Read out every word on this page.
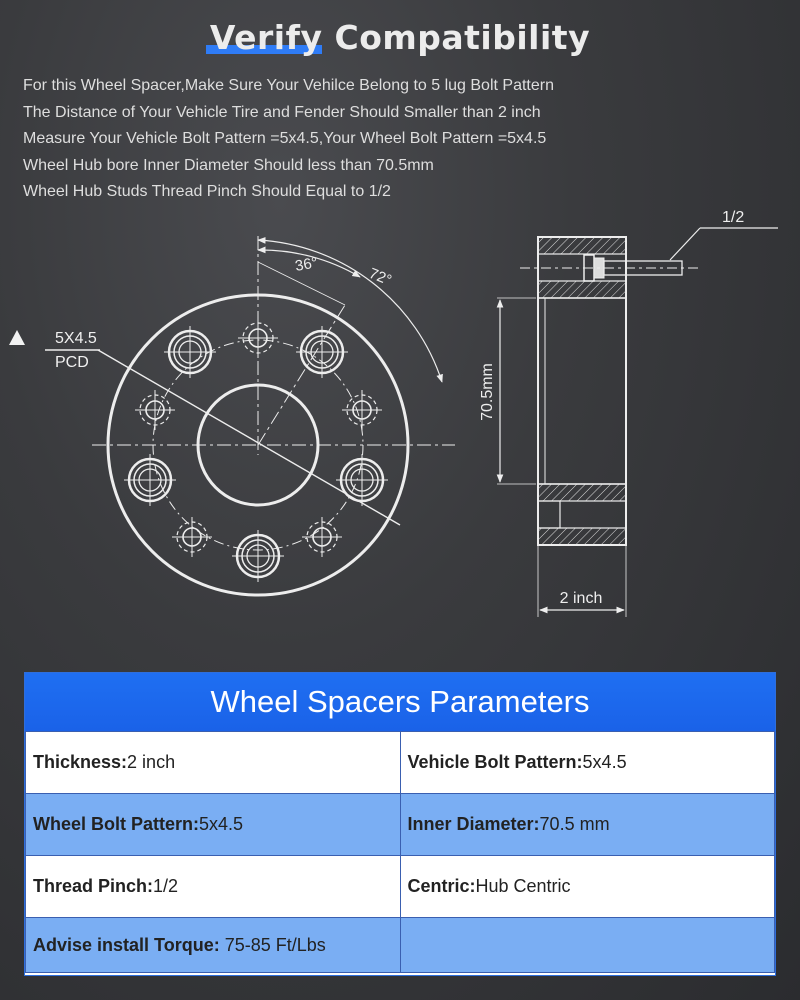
Verify Compatibility
For this Wheel Spacer,Make Sure Your Vehilce Belong to 5 lug Bolt Pattern
The Distance of Your Vehicle Tire and Fender Should Smaller than 2 inch
Measure Your Vehicle Bolt Pattern =5x4.5,Your Wheel Bolt Pattern =5x4.5
Wheel Hub bore Inner Diameter Should less than 70.5mm
Wheel Hub Studs Thread Pinch Should Equal to 1/2
36°
72°
5X4.5
PCD
1/2
70.5mm
2 inch
Wheel Spacers Parameters
Thickness:2 inch	Vehicle Bolt Pattern:5x4.5
Wheel Bolt Pattern:5x4.5	Inner Diameter:70.5 mm
Thread Pinch:1/2	Centric:Hub Centric
Advise install Torque: 75-85 Ft/Lbs	
